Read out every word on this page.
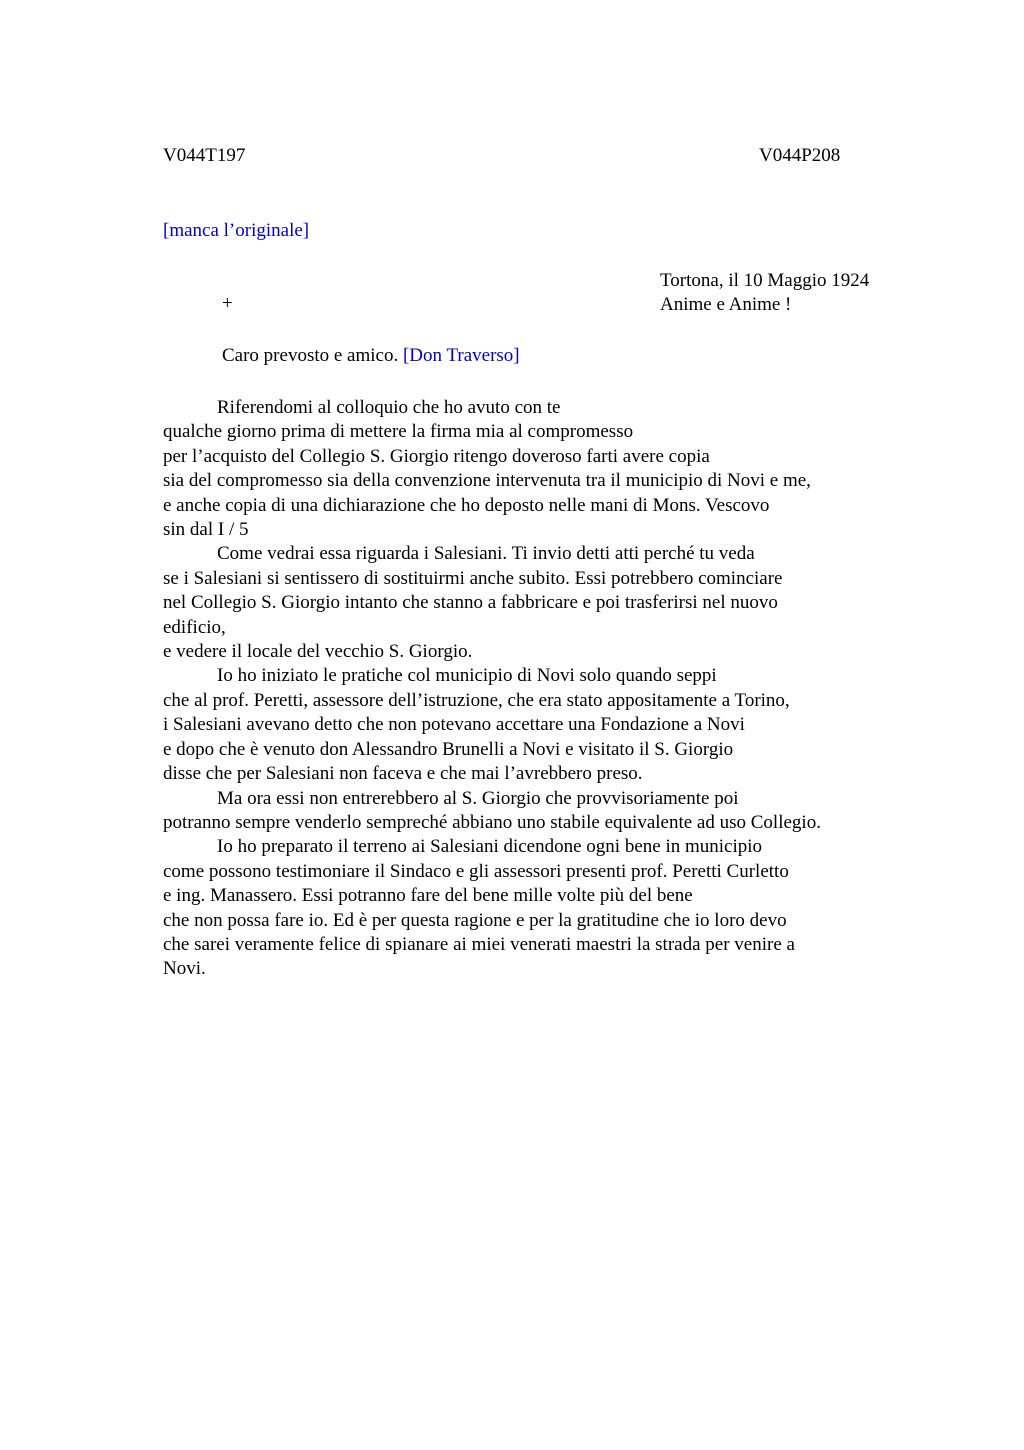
V044T197	V044P208
[manca l’originale]
Tortona, il 10 Maggio 1924
Anime e Anime !
+
Caro prevosto e amico. [Don Traverso]
Riferendomi al colloquio che ho avuto con te
qualche giorno prima di mettere la firma mia al compromesso
per l’acquisto del Collegio S. Giorgio ritengo doveroso farti avere copia
sia del compromesso sia della convenzione intervenuta tra il municipio di Novi e me,
e anche copia di una dichiarazione che ho deposto nelle mani di Mons. Vescovo
sin dal I / 5
Come vedrai essa riguarda i Salesiani. Ti invio detti atti perché tu veda
se i Salesiani si sentissero di sostituirmi anche subito. Essi potrebbero cominciare
nel Collegio S. Giorgio intanto che stanno a fabbricare e poi trasferirsi nel nuovo
edificio,
e vedere il locale del vecchio S. Giorgio.
Io ho iniziato le pratiche col municipio di Novi solo quando seppi
che al prof. Peretti, assessore dell’istruzione, che era stato appositamente a Torino,
i Salesiani avevano detto che non potevano accettare una Fondazione a Novi
e dopo che è venuto don Alessandro Brunelli a Novi e visitato il S. Giorgio
disse che per Salesiani non faceva e che mai l’avrebbero preso.
Ma ora essi non entrerebbero al S. Giorgio che provvisoriamente poi
potranno sempre venderlo sempreché abbiano uno stabile equivalente ad uso Collegio.
Io ho preparato il terreno ai Salesiani dicendone ogni bene in municipio
come possono testimoniare il Sindaco e gli assessori presenti prof. Peretti Curletto
e ing. Manassero. Essi potranno fare del bene mille volte più del bene
che non possa fare io. Ed è per questa ragione e per la gratitudine che io loro devo
che sarei veramente felice di spianare ai miei venerati maestri la strada per venire a
Novi.
